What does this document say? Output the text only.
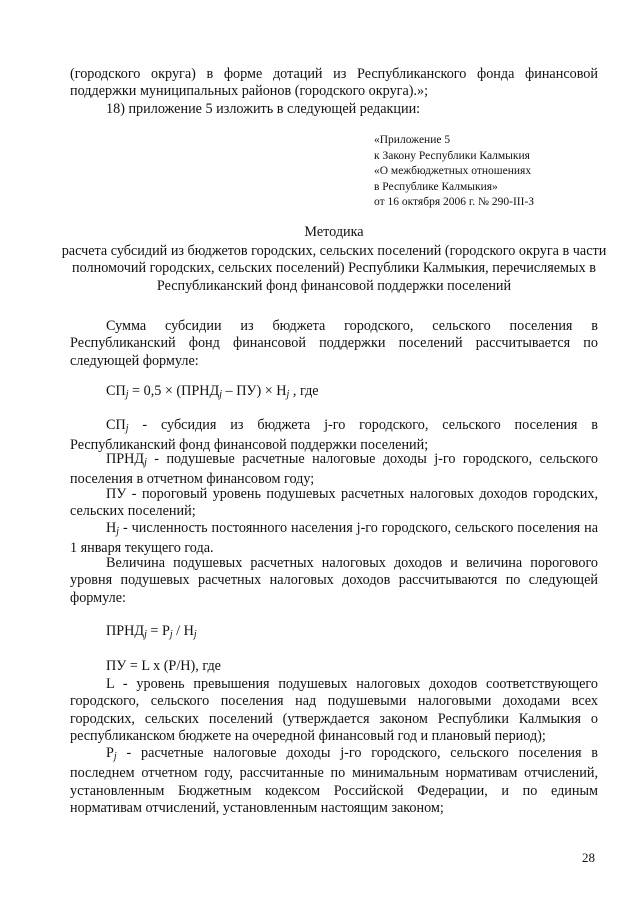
(городского округа) в форме дотаций из Республиканского фонда финансовой поддержки муниципальных районов (городского округа).»;
18) приложение 5 изложить в следующей редакции:
«Приложение 5
к Закону Республики Калмыкия
«О межбюджетных отношениях
в Республике Калмыкия»
от 16 октября 2006 г. № 290-III-З
Методика
расчета субсидий из бюджетов городских, сельских поселений (городского округа в части полномочий городских, сельских поселений) Республики Калмыкия, перечисляемых в Республиканский фонд финансовой поддержки поселений
Сумма субсидии из бюджета городского, сельского поселения в Республиканский фонд финансовой поддержки поселений рассчитывается по следующей формуле:
$СП_j = 0,5$ × $(ПРНД_j - ПУ) \times Н_j$ , где
$СП_j$ - субсидия из бюджета j-го городского, сельского поселения в Республиканский фонд финансовой поддержки поселений;
$ПРНД_j$ - подушевые расчетные налоговые доходы j-го городского, сельского поселения в отчетном финансовом году;
ПУ - пороговый уровень подушевых расчетных налоговых доходов городских, сельских поселений;
$Н_j$ - численность постоянного населения j-го городского, сельского поселения на 1 января текущего года.
Величина подушевых расчетных налоговых доходов и величина порогового уровня подушевых расчетных налоговых доходов рассчитываются по следующей формуле:
$ПРНД_j = Р_j / Н_j$
ПУ = L х (Р/Н), где
L - уровень превышения подушевых налоговых доходов соответствующего городского, сельского поселения над подушевыми налоговыми доходами всех городских, сельских поселений (утверждается законом Республики Калмыкия о республиканском бюджете на очередной финансовый год и плановый период);
$Р_j$ - расчетные налоговые доходы j-го городского, сельского поселения в последнем отчетном году, рассчитанные по минимальным нормативам отчислений, установленным Бюджетным кодексом Российской Федерации, и по единым нормативам отчислений, установленным настоящим законом;
28
